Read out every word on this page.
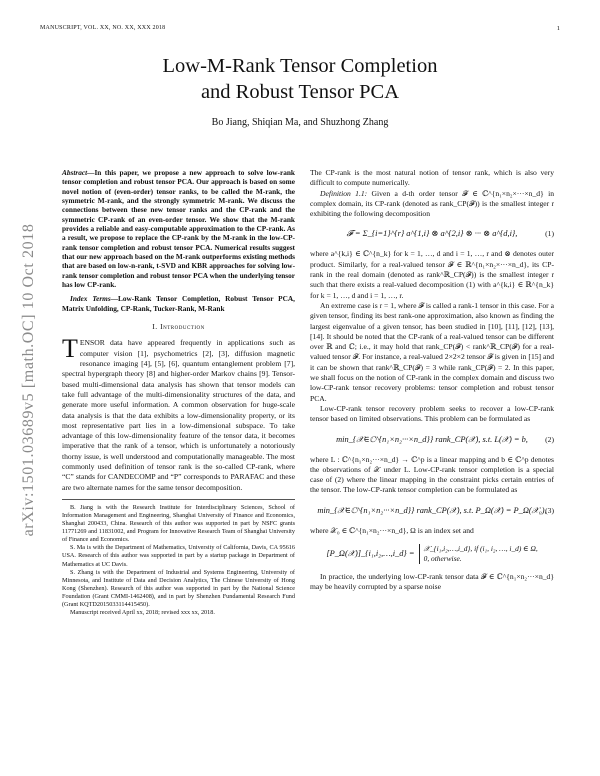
MANUSCRIPT, VOL. XX, NO. XX, XXX 2018	1
arXiv:1501.03689v5 [math.OC] 10 Oct 2018
Low-M-Rank Tensor Completion
and Robust Tensor PCA
Bo Jiang, Shiqian Ma, and Shuzhong Zhang
Abstract—In this paper, we propose a new approach to solve low-rank tensor completion and robust tensor PCA. Our approach is based on some novel notion of (even-order) tensor ranks, to be called the M-rank, the symmetric M-rank, and the strongly symmetric M-rank. We discuss the connections between these new tensor ranks and the CP-rank and the symmetric CP-rank of an even-order tensor. We show that the M-rank provides a reliable and easy-computable approximation to the CP-rank. As a result, we propose to replace the CP-rank by the M-rank in the low-CP-rank tensor completion and robust tensor PCA. Numerical results suggest that our new approach based on the M-rank outperforms existing methods that are based on low-n-rank, t-SVD and KBR approaches for solving low-rank tensor completion and robust tensor PCA when the underlying tensor has low CP-rank.
Index Terms—Low-Rank Tensor Completion, Robust Tensor PCA, Matrix Unfolding, CP-Rank, Tucker-Rank, M-Rank
I. Introduction

TENSOR data have appeared frequently in applications such as computer vision [1], psychometrics [2], [3], diffusion magnetic resonance imaging [4], [5], [6], quantum entanglement problem [7], spectral hypergraph theory [8] and higher-order Markov chains [9]. Tensor-based multi-dimensional data analysis has shown that tensor models can take full advantage of the multi-dimensionality structures of the data, and generate more useful information. A common observation for huge-scale data analysis is that the data exhibits a low-dimensionality property, or its most representative part lies in a low-dimensional subspace. To take advantage of this low-dimensionality feature of the tensor data, it becomes imperative that the rank of a tensor, which is unfortunately a notoriously thorny issue, is well understood and computationally manageable. The most commonly used definition of tensor rank is the so-called CP-rank, where “C” stands for CANDECOMP and “P” corresponds to PARAFAC and these are two alternate names for the same tensor decomposition.

B. Jiang is with the Research Institute for Interdisciplinary Sciences, School of Information Management and Engineering, Shanghai University of Finance and Economics, Shanghai 200433, China. Research of this author was supported in part by NSFC grants 11771269 and 11831002, and Program for Innovative Research Team of Shanghai University of Finance and Economics.

S. Ma is with the Department of Mathematics, University of California, Davis, CA 95616 USA. Research of this author was supported in part by a startup package in Department of Mathematics at UC Davis.

S. Zhang is with the Department of Industrial and Systems Engineering, University of Minnesota, and Institute of Data and Decision Analytics, The Chinese University of Hong Kong (Shenzhen). Research of this author was supported in part by the National Science Foundation (Grant CMMI-1462408), and in part by Shenzhen Fundamental Research Fund (Grant KQTD2015033114415450).

Manuscript received April xx, 2018; revised xxx xx, 2018.

The CP-rank is the most natural notion of tensor rank, which is also very difficult to compute numerically.

Definition 1.1: Given a d-th order tensor 𝓕 ∈ ℂ^{n₁×n₂×···×n_d} in complex domain, its CP-rank (denoted as rank_CP(𝓕)) is the smallest integer r exhibiting the following decomposition

𝓕 = Σ_{i=1}^{r} a^{1,i} ⊗ a^{2,i} ⊗ ··· ⊗ a^{d,i},	(1)

where a^{k,i} ∈ ℂ^{n_k} for k = 1, …, d and i = 1, …, r and ⊗ denotes outer product. Similarly, for a real-valued tensor 𝓕 ∈ ℝ^{n₁×n₂×···×n_d}, its CP-rank in the real domain (denoted as rank^ℝ_CP(𝓕)) is the smallest integer r such that there exists a real-valued decomposition (1) with a^{k,i} ∈ ℝ^{n_k} for k = 1, …, d and i = 1, …, r.

An extreme case is r = 1, where 𝓕 is called a rank-1 tensor in this case. For a given tensor, finding its best rank-one approximation, also known as finding the largest eigenvalue of a given tensor, has been studied in [10], [11], [12], [13], [14]. It should be noted that the CP-rank of a real-valued tensor can be different over ℝ and ℂ; i.e., it may hold that rank_CP(𝓕) < rank^ℝ_CP(𝓕) for a real-valued tensor 𝓕. For instance, a real-valued 2×2×2 tensor 𝓕 is given in [15] and it can be shown that rank^ℝ_CP(𝓕) = 3 while rank_CP(𝓕) = 2. In this paper, we shall focus on the notion of CP-rank in the complex domain and discuss two low-CP-rank tensor recovery problems: tensor completion and robust tensor PCA.

Low-CP-rank tensor recovery problem seeks to recover a low-CP-rank tensor based on limited observations. This problem can be formulated as

min_{𝒳∈ℂ^{n₁×n₂···×n_d}} rank_CP(𝒳), s.t. L(𝒳) = b, (2)

where L : ℂ^{n₁×n₂···×n_d} → ℂ^p is a linear mapping and b ∈ ℂ^p denotes the observations of 𝒳 under L. Low-CP-rank tensor completion is a special case of (2) where the linear mapping in the constraint picks certain entries of the tensor. The low-CP-rank tensor completion can be formulated as

min_{𝒳∈ℂ^{n₁×n₂···×n_d}} rank_CP(𝒳), s.t. P_Ω(𝒳) = P_Ω(𝒳₀),
(3)

where 𝒳₀ ∈ ℂ^{n₁×n₂···×n_d}, Ω is an index set and

[P_Ω(𝒳)]_{i₁,i₂,…,i_d} =
𝒳_{i₁,i₂,…,i_d}, if (i₁, i₂, …, i_d) ∈ Ω,
0, otherwise.

In practice, the underlying low-CP-rank tensor data 𝓕 ∈ ℂ^{n₁×n₂···×n_d} may be heavily corrupted by a sparse noise
